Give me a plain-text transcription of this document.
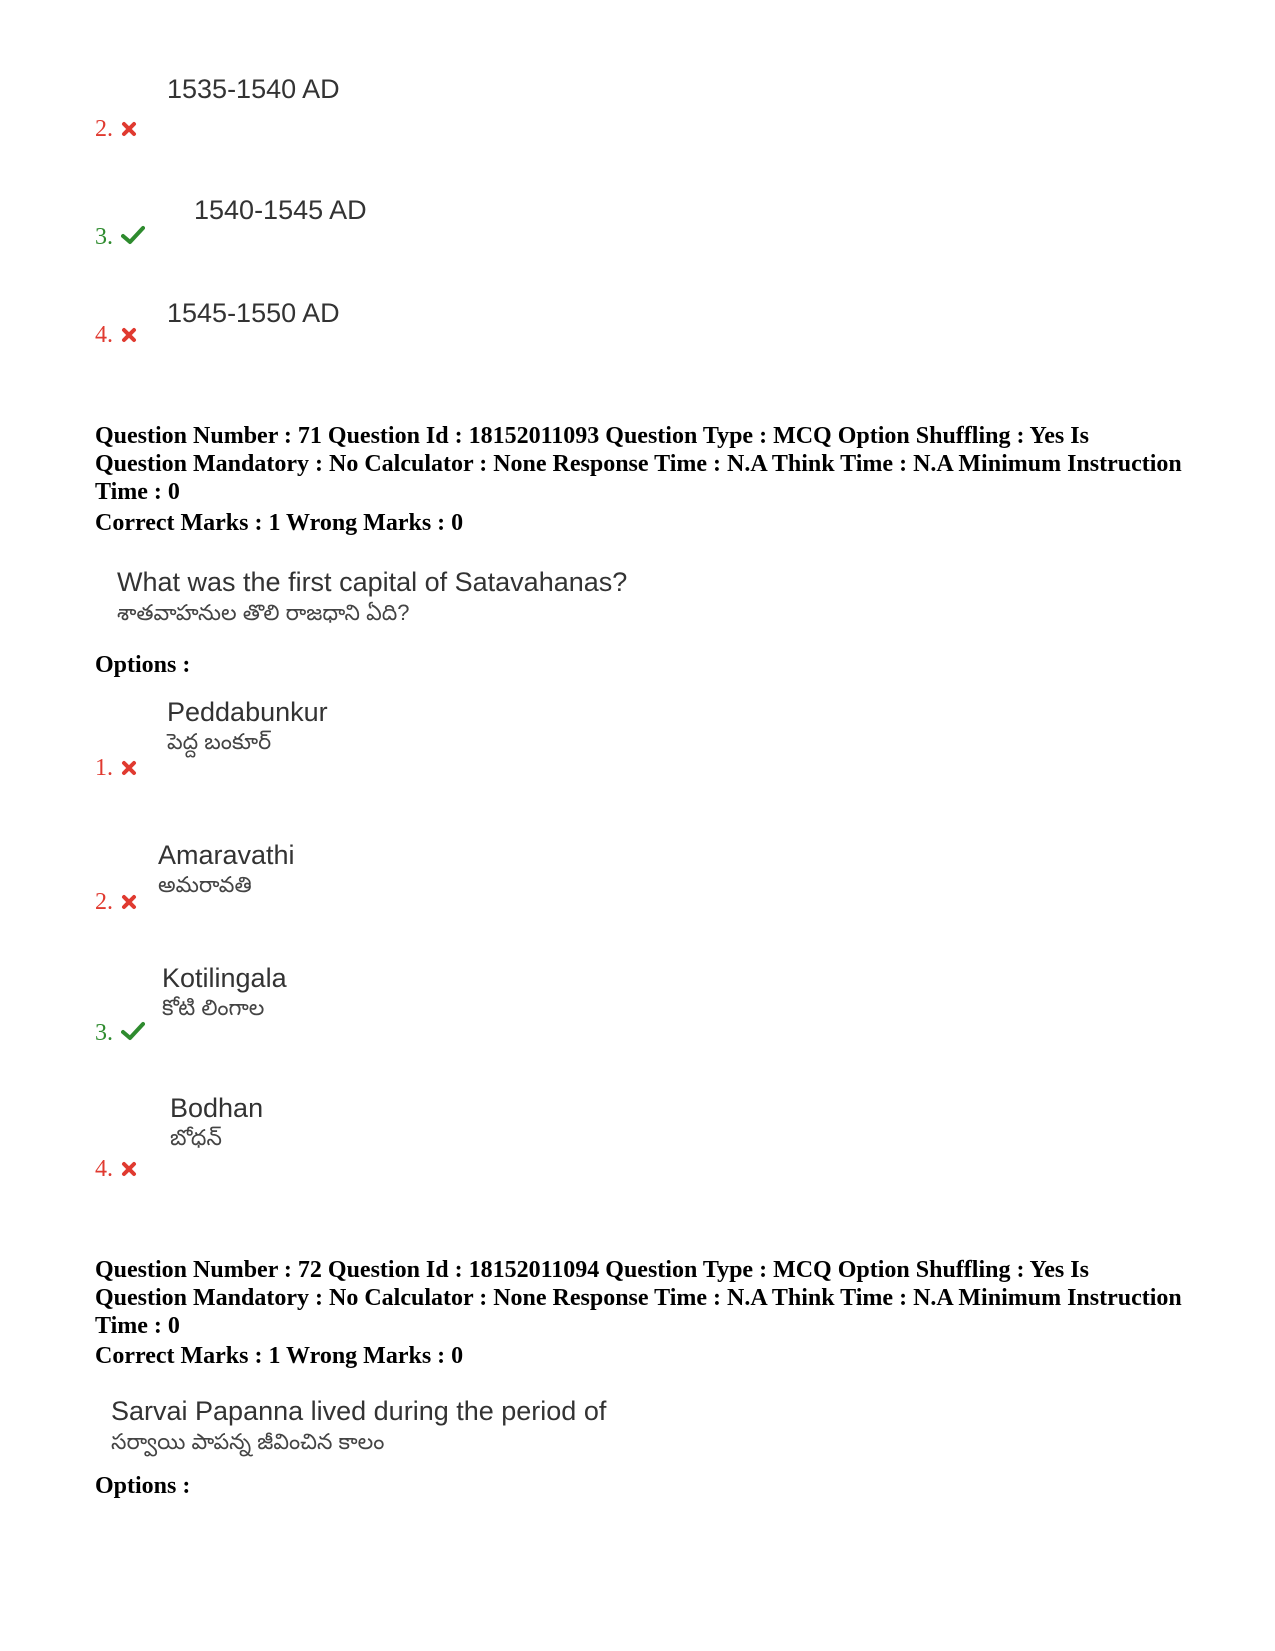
1535-1540 AD
2.
1540-1545 AD
3.
1545-1550 AD
4.
Question Number : 71 Question Id : 18152011093 Question Type : MCQ Option Shuffling : Yes Is Question Mandatory : No Calculator : None Response Time : N.A Think Time : N.A Minimum Instruction Time : 0
Correct Marks : 1 Wrong Marks : 0
What was the first capital of Satavahanas?
శాతవాహనుల తొలి రాజధాని ఏది?
Options :
Peddabunkur
పెద్ద బంకూర్
1.
Amaravathi
అమరావతి
2.
Kotilingala
కోటి లింగాల
3.
Bodhan
బోధన్
4.
Question Number : 72 Question Id : 18152011094 Question Type : MCQ Option Shuffling : Yes Is Question Mandatory : No Calculator : None Response Time : N.A Think Time : N.A Minimum Instruction Time : 0
Correct Marks : 1 Wrong Marks : 0
Sarvai Papanna lived during the period of
సర్వాయి పాపన్న జీవించిన కాలం
Options :
